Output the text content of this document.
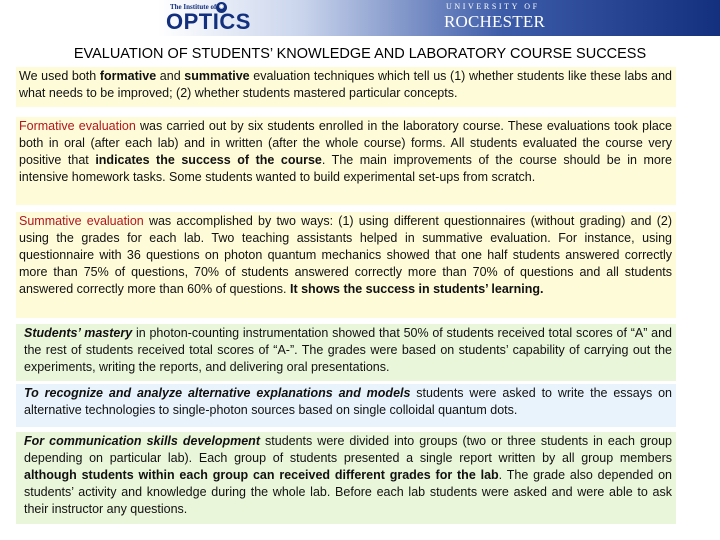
The Institute of ◉
OPTICS
UNIVERSITY OF
ROCHESTER
EVALUATION OF STUDENTS’ KNOWLEDGE AND LABORATORY COURSE SUCCESS
We used both formative and summative evaluation techniques which tell us (1) whether students like these labs and what needs to be improved; (2) whether students mastered particular concepts.
Formative evaluation was carried out by six students enrolled in the laboratory course. These evaluations took place both in oral (after each lab) and in written (after the whole course) forms. All students evaluated the course very positive that indicates the success of the course. The main improvements of the course should be in more intensive homework tasks. Some students wanted to build experimental set-ups from scratch.
Summative evaluation was accomplished by two ways: (1) using different questionnaires (without grading) and (2) using the grades for each lab. Two teaching assistants helped in summative evaluation. For instance, using questionnaire with 36 questions on photon quantum mechanics showed that one half students answered correctly more than 75% of questions, 70% of students answered correctly more than 70% of questions and all students answered correctly more than 60% of questions. It shows the success in students’ learning.
Students’ mastery in photon-counting instrumentation showed that 50% of students received total scores of “A” and the rest of students received total scores of “A-”. The grades were based on students’ capability of carrying out the experiments, writing the reports, and delivering oral presentations.
To recognize and analyze alternative explanations and models students were asked to write the essays on alternative technologies to single-photon sources based on single colloidal quantum dots.
For communication skills development students were divided into groups (two or three students in each group depending on particular lab). Each group of students presented a single report written by all group members although students within each group can received different grades for the lab. The grade also depended on students’ activity and knowledge during the whole lab. Before each lab students were asked and were able to ask their instructor any questions.
